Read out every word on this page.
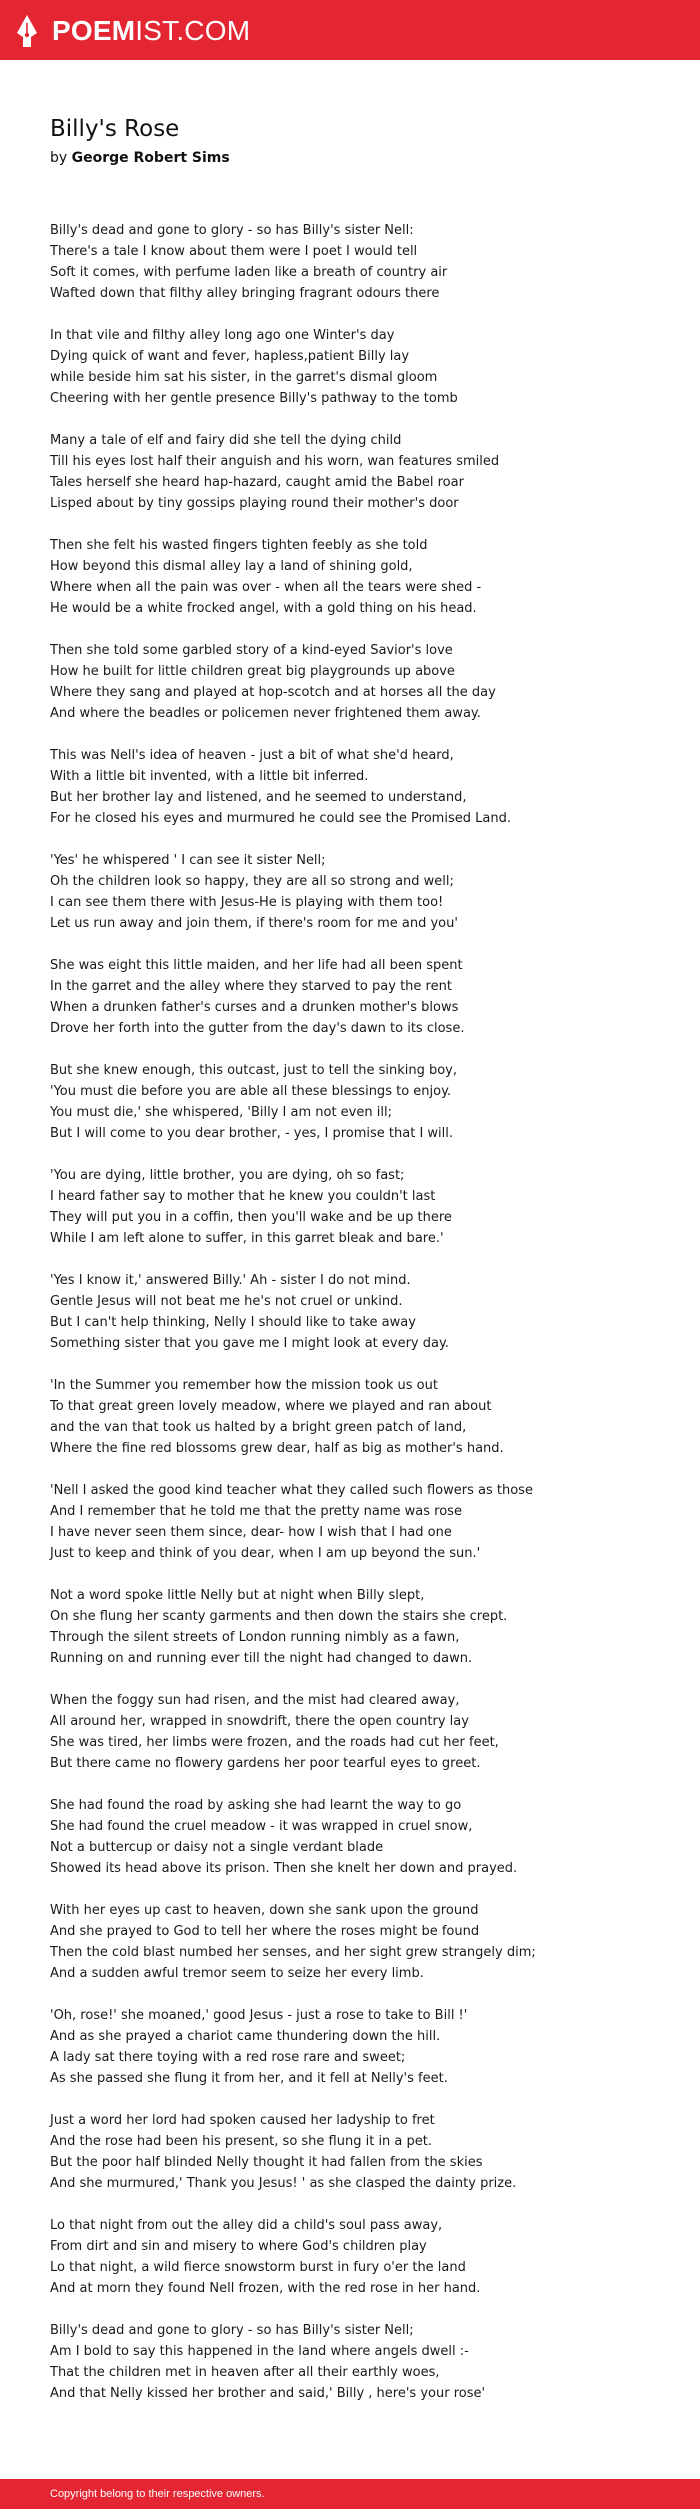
POEMIST.COM
Billy's Rose
by George Robert Sims
Billy's dead and gone to glory - so has Billy's sister Nell:
There's a tale I know about them were I poet I would tell
Soft it comes, with perfume laden like a breath of country air
Wafted down that filthy alley bringing fragrant odours there
In that vile and filthy alley long ago one Winter's day
Dying quick of want and fever, hapless,patient Billy lay
while beside him sat his sister, in the garret's dismal gloom
Cheering with her gentle presence Billy's pathway to the tomb
Many a tale of elf and fairy did she tell the dying child
Till his eyes lost half their anguish and his worn, wan features smiled
Tales herself she heard hap-hazard, caught amid the Babel roar
Lisped about by tiny gossips playing round their mother's door
Then she felt his wasted fingers tighten feebly as she told
How beyond this dismal alley lay a land of shining gold,
Where when all the pain was over - when all the tears were shed -
He would be a white frocked angel, with a gold thing on his head.
Then she told some garbled story of a kind-eyed Savior's love
How he built for little children great big playgrounds up above
Where they sang and played at hop-scotch and at horses all the day
And where the beadles or policemen never frightened them away.
This was Nell's idea of heaven - just a bit of what she'd heard,
With a little bit invented, with a little bit inferred.
But her brother lay and listened, and he seemed to understand,
For he closed his eyes and murmured he could see the Promised Land.
'Yes' he whispered ' I can see it sister Nell;
Oh the children look so happy, they are all so strong and well;
I can see them there with Jesus-He is playing with them too!
Let us run away and join them, if there's room for me and you'
She was eight this little maiden, and her life had all been spent
In the garret and the alley where they starved to pay the rent
When a drunken father's curses and a drunken mother's blows
Drove her forth into the gutter from the day's dawn to its close.
But she knew enough, this outcast, just to tell the sinking boy,
'You must die before you are able all these blessings to enjoy.
You must die,' she whispered, 'Billy I am not even ill;
But I will come to you dear brother, - yes, I promise that I will.
'You are dying, little brother, you are dying, oh so fast;
I heard father say to mother that he knew you couldn't last
They will put you in a coffin, then you'll wake and be up there
While I am left alone to suffer, in this garret bleak and bare.'
'Yes I know it,' answered Billy.' Ah - sister I do not mind.
Gentle Jesus will not beat me he's not cruel or unkind.
But I can't help thinking, Nelly I should like to take away
Something sister that you gave me I might look at every day.
'In the Summer you remember how the mission took us out
To that great green lovely meadow, where we played and ran about
and the van that took us halted by a bright green patch of land,
Where the fine red blossoms grew dear, half as big as mother's hand.
'Nell I asked the good kind teacher what they called such flowers as those
And I remember that he told me that the pretty name was rose
I have never seen them since, dear- how I wish that I had one
Just to keep and think of you dear, when I am up beyond the sun.'
Not a word spoke little Nelly but at night when Billy slept,
On she flung her scanty garments and then down the stairs she crept.
Through the silent streets of London running nimbly as a fawn,
Running on and running ever till the night had changed to dawn.
When the foggy sun had risen, and the mist had cleared away,
All around her, wrapped in snowdrift, there the open country lay
She was tired, her limbs were frozen, and the roads had cut her feet,
But there came no flowery gardens her poor tearful eyes to greet.
She had found the road by asking she had learnt the way to go
She had found the cruel meadow - it was wrapped in cruel snow,
Not a buttercup or daisy not a single verdant blade
Showed its head above its prison. Then she knelt her down and prayed.
With her eyes up cast to heaven, down she sank upon the ground
And she prayed to God to tell her where the roses might be found
Then the cold blast numbed her senses, and her sight grew strangely dim;
And a sudden awful tremor seem to seize her every limb.
'Oh, rose!' she moaned,' good Jesus - just a rose to take to Bill !'
And as she prayed a chariot came thundering down the hill.
A lady sat there toying with a red rose rare and sweet;
As she passed she flung it from her, and it fell at Nelly's feet.
Just a word her lord had spoken caused her ladyship to fret
And the rose had been his present, so she flung it in a pet.
But the poor half blinded Nelly thought it had fallen from the skies
And she murmured,' Thank you Jesus! ' as she clasped the dainty prize.
Lo that night from out the alley did a child's soul pass away,
From dirt and sin and misery to where God's children play
Lo that night, a wild fierce snowstorm burst in fury o'er the land
And at morn they found Nell frozen, with the red rose in her hand.
Billy's dead and gone to glory - so has Billy's sister Nell;
Am I bold to say this happened in the land where angels dwell :-
That the children met in heaven after all their earthly woes,
And that Nelly kissed her brother and said,' Billy , here's your rose'
Copyright belong to their respective owners.
